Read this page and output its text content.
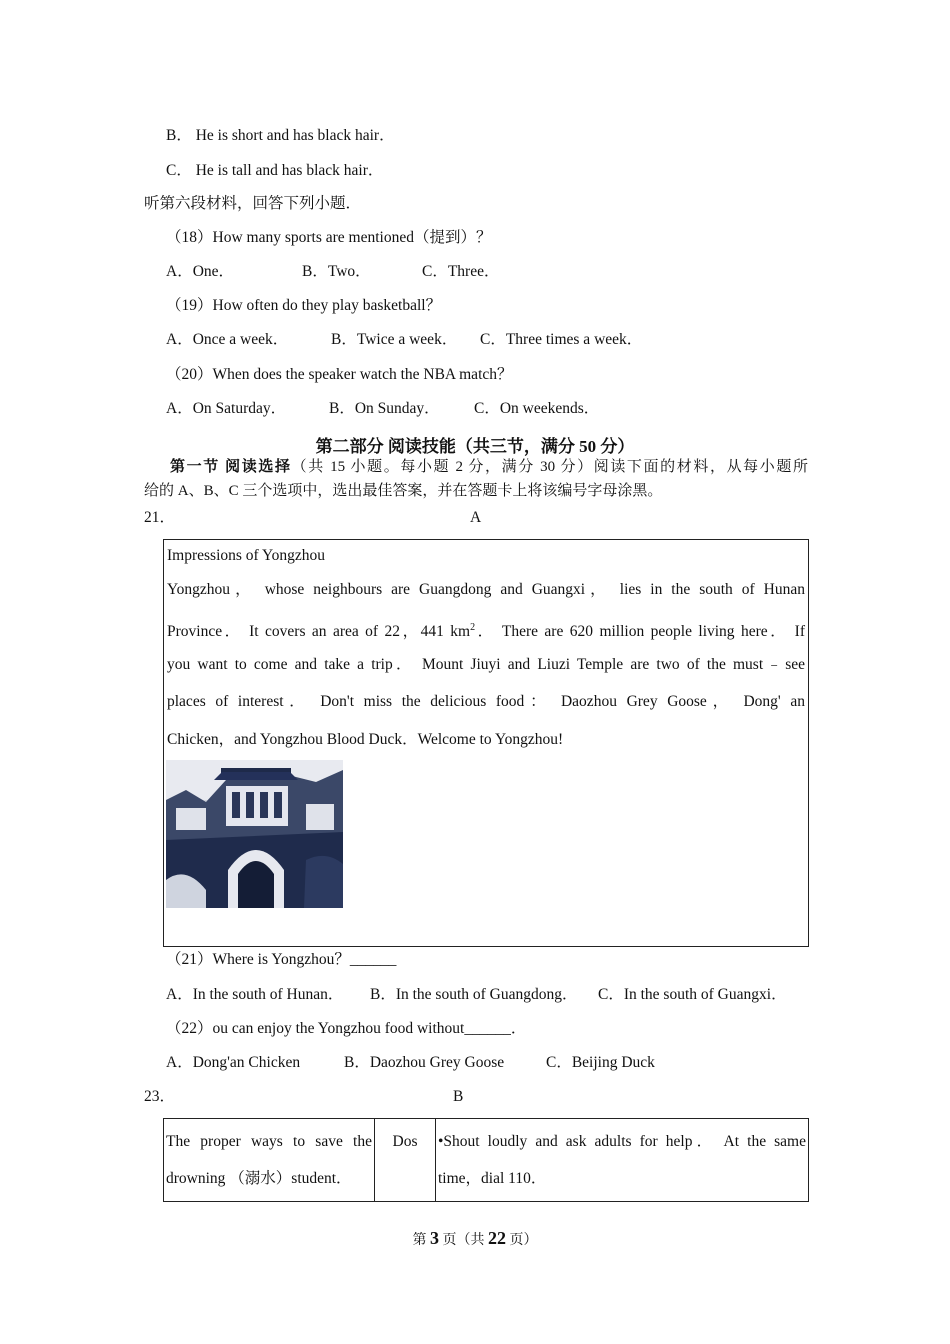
B． He is short and has black hair．
C． He is tall and has black hair．
听第六段材料，回答下列小题．
（18）How many sports are mentioned（提到）？
A．One．	B．Two．	C．Three．
（19）How often do they play basketball？
A．Once a week．	B．Twice a week． C．Three times a week．
（20）When does the speaker watch the NBA match？
A．On Saturday．	B．On Sunday． C．On weekends．
第二部分 阅读技能（共三节，满分 50 分）
第一节 阅读选择（共 15 小题。每小题 2 分，满分 30 分）阅读下面的材料，从每小题所
给的 A、B、C 三个选项中，选出最佳答案，并在答题卡上将该编号字母涂黑。
21．	A
Impressions of Yongzhou
Yongzhou， whose neighbours are Guangdong and Guangxi， lies in the south of Hunan
Province． It covers an area of 22，441 $km^2$． There are 620 million people living here． If
you want to come and take a trip． Mount Jiuyi and Liuzi Temple are two of the must﹣see
places of interest． Don't miss the delicious food： Daozhou Grey Goose， Dong' an
Chicken，and Yongzhou Blood Duck．Welcome to Yongzhou!
（21）Where is Yongzhou？______
A．In the south of Hunan． B．In the south of Guangdong． C．In the south of Guangxi．
（22）ou can enjoy the Yongzhou food without______．
A．Dong'an Chicken	B．Daozhou Grey Goose	C．Beijing Duck
23．	B
The proper ways to save the
drowning （溺水）student．
	Dos	•Shout loudly and ask adults for help． At the same
time，dial 110．
第 3 页（共 22 页）
